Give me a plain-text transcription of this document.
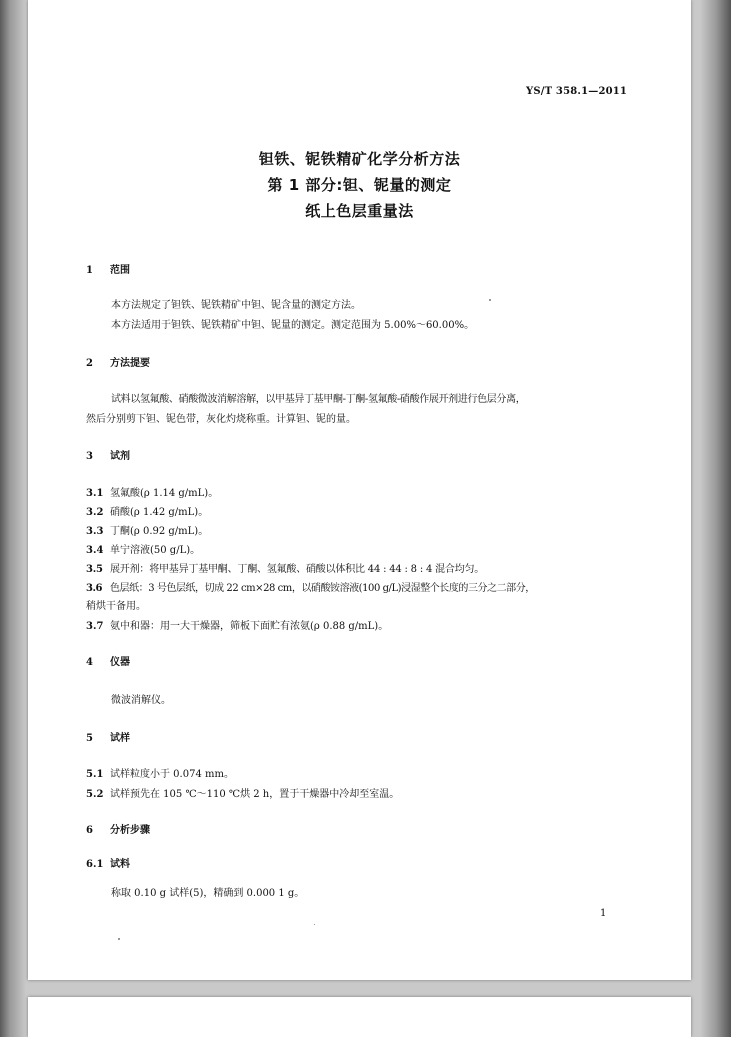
YS/T 358.1—2011
钽铁、铌铁精矿化学分析方法
第 1 部分:钽、铌量的测定
纸上色层重量法
1 范围
本方法规定了钽铁、铌铁精矿中钽、铌含量的测定方法。
本方法适用于钽铁、铌铁精矿中钽、铌量的测定。测定范围为 5.00%～60.00%。
2 方法提要
试料以氢氟酸、硝酸微波消解溶解，以甲基异丁基甲酮-丁酮-氢氟酸-硝酸作展开剂进行色层分离，
然后分别剪下钽、铌色带，灰化灼烧称重。计算钽、铌的量。
3 试剂
3.1 氢氟酸(ρ 1.14 g/mL)。
3.2 硝酸(ρ 1.42 g/mL)。
3.3 丁酮(ρ 0.92 g/mL)。
3.4 单宁溶液(50 g/L)。
3.5 展开剂：将甲基异丁基甲酮、丁酮、氢氟酸、硝酸以体积比 44 : 44 : 8 : 4 混合均匀。
3.6 色层纸：3 号色层纸，切成 22 cm×28 cm，以硝酸铵溶液(100 g/L)浸湿整个长度的三分之二部分，
稍烘干备用。
3.7 氨中和器：用一大干燥器，筛板下面贮有浓氨(ρ 0.88 g/mL)。
4 仪器
微波消解仪。
5 试样
5.1 试样粒度小于 0.074 mm。
5.2 试样预先在 105 ℃～110 ℃烘 2 h，置于干燥器中冷却至室温。
6 分析步骤
6.1 试料
称取 0.10 g 试样(5)，精确到 0.000 1 g。
1
